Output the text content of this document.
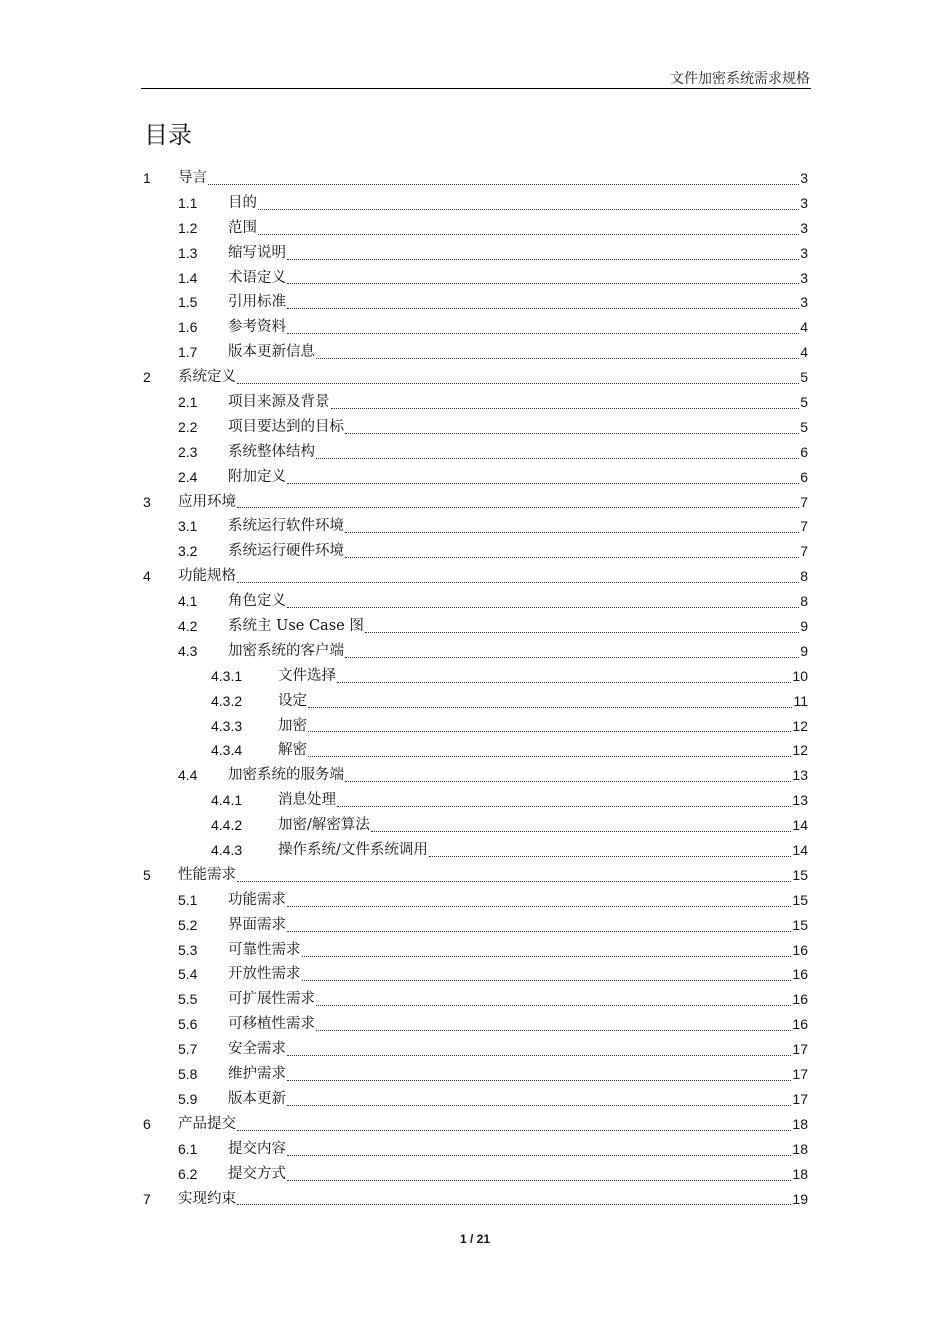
文件加密系统需求规格
目录
1 导言	3
1.1 目的	3
1.2 范围	3
1.3 缩写说明	3
1.4 术语定义	3
1.5 引用标准	3
1.6 参考资料	4
1.7 版本更新信息	4
2 系统定义	5
2.1 项目来源及背景	5
2.2 项目要达到的目标	5
2.3 系统整体结构	6
2.4 附加定义	6
3 应用环境	7
3.1 系统运行软件环境	7
3.2 系统运行硬件环境	7
4 功能规格	8
4.1 角色定义	8
4.2 系统主 Use Case 图	9
4.3 加密系统的客户端	9
4.3.1 文件选择	10
4.3.2 设定	11
4.3.3 加密	12
4.3.4 解密	12
4.4 加密系统的服务端	13
4.4.1 消息处理	13
4.4.2 加密/解密算法	14
4.4.3 操作系统/文件系统调用	14
5 性能需求	15
5.1 功能需求	15
5.2 界面需求	15
5.3 可靠性需求	16
5.4 开放性需求	16
5.5 可扩展性需求	16
5.6 可移植性需求	16
5.7 安全需求	17
5.8 维护需求	17
5.9 版本更新	17
6 产品提交	18
6.1 提交内容	18
6.2 提交方式	18
7 实现约束	19
1 / 21
